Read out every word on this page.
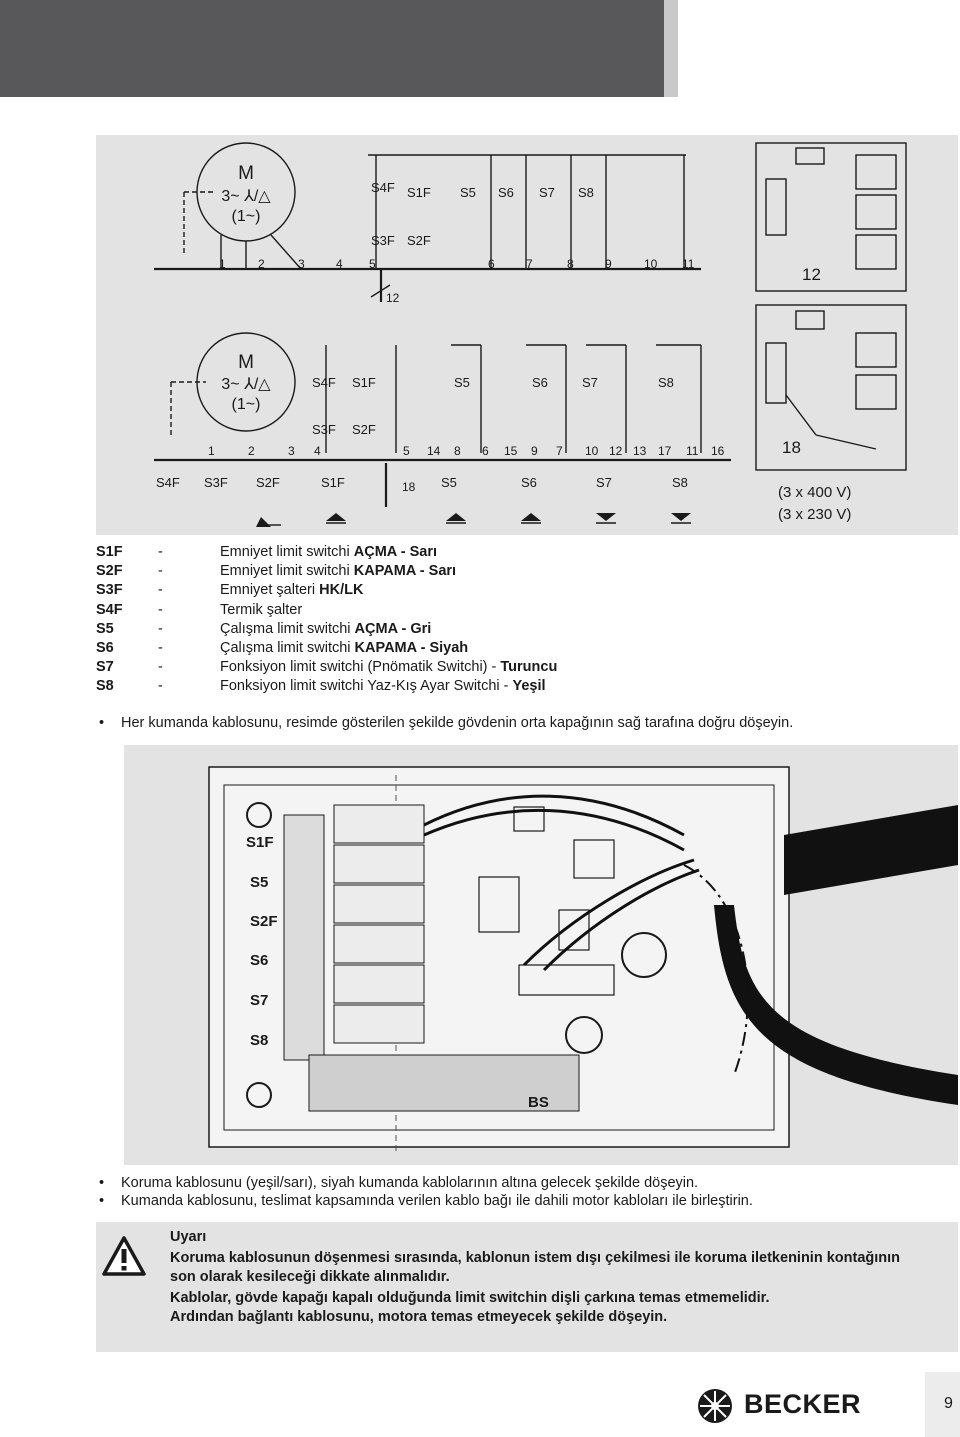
M
3~ ⅄/△
(1~)
S4F S1F S5 S6 S7 S8
S3F S2F
1	2	3	4 5	6	7	8	9	10 11
12
12
M
3~ ⅄/△
(1~)
S4F S1F	S5	S6	S7	S8
S3F S2F
1	2	3 4	5 14 8 6 15 9 7 10 12 13 17 11 16
18
18
S4F S3F S2F	S1F	S5	S6	S7	S8
(3 x 400 V)
(3 x 230 V)
S1F -	Emniyet limit switchi AÇMA - Sarı
S2F -	Emniyet limit switchi KAPAMA - Sarı
S3F -	Emniyet şalteri HK/LK
S4F -	Termik şalter
S5	-	Çalışma limit switchi AÇMA - Gri
S6	-	Çalışma limit switchi KAPAMA - Siyah
S7	-	Fonksiyon limit switchi (Pnömatik Switchi) - Turuncu
S8	-	Fonksiyon limit switchi Yaz-Kış Ayar Switchi - Yeşil
• Her kumanda kablosunu, resimde gösterilen şekilde gövdenin orta kapağının sağ tarafına doğru döşeyin.
S1F
S5
S2F
S6
S7
S8
BS
• Koruma kablosunu (yeşil/sarı), siyah kumanda kablolarının altına gelecek şekilde döşeyin.
• Kumanda kablosunu, teslimat kapsamında verilen kablo bağı ile dahili motor kabloları ile birleştirin.
Uyarı
Koruma kablosunun döşenmesi sırasında, kablonun istem dışı çekilmesi ile koruma iletkeninin kontağının
son olarak kesileceği dikkate alınmalıdır.
Kablolar, gövde kapağı kapalı olduğunda limit switchin dişli çarkına temas etmemelidir.
Ardından bağlantı kablosunu, motora temas etmeyecek şekilde döşeyin.
BECKER	9
